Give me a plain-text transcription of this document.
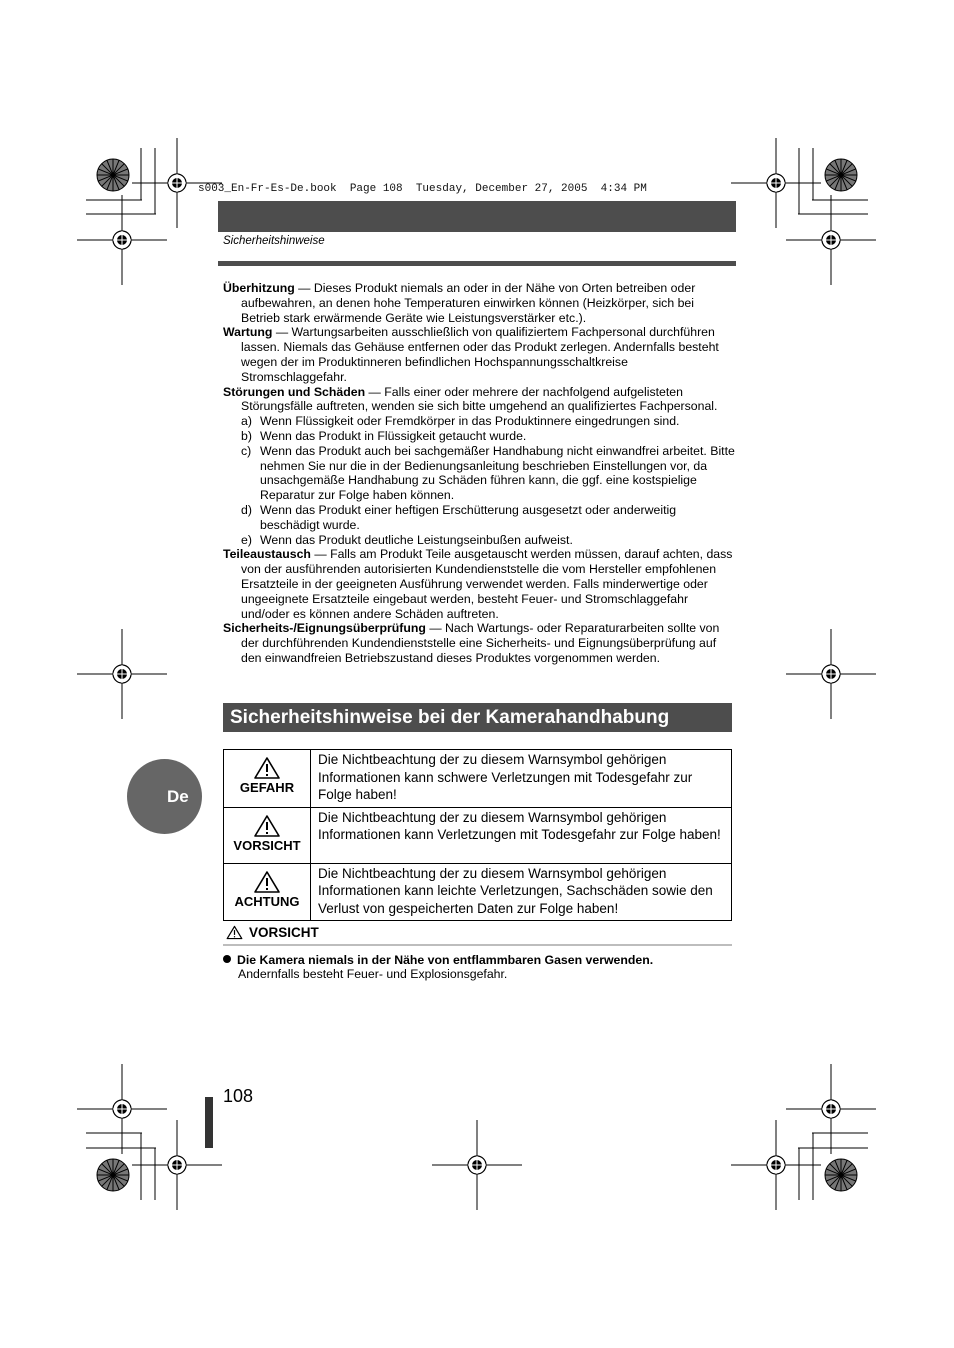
s003_En-Fr-Es-De.book  Page 108  Tuesday, December 27, 2005  4:34 PM
Sicherheitshinweise

Überhitzung — Dieses Produkt niemals an oder in der Nähe von Orten betreiben oder aufbewahren, an denen hohe Temperaturen einwirken können (Heizkörper, sich bei Betrieb stark erwärmende Geräte wie Leistungsverstärker etc.).

Wartung — Wartungsarbeiten ausschließlich von qualifiziertem Fachpersonal durchführen lassen. Niemals das Gehäuse entfernen oder das Produkt zerlegen. Andernfalls besteht wegen der im Produktinneren befindlichen Hochspannungsschaltkreise Stromschlaggefahr.

Störungen und Schäden — Falls einer oder mehrere der nachfolgend aufgelisteten Störungsfälle auftreten, wenden sie sich bitte umgehend an qualifiziertes Fachpersonal.

a) Wenn Flüssigkeit oder Fremdkörper in das Produktinnere eingedrungen sind.

b) Wenn das Produkt in Flüssigkeit getaucht wurde.

c) Wenn das Produkt auch bei sachgemäßer Handhabung nicht einwandfrei arbeitet. Bitte nehmen Sie nur die in der Bedienungsanleitung beschrieben Einstellungen vor, da unsachgemäße Handhabung zu Schäden führen kann, die ggf. eine kostspielige Reparatur zur Folge haben können.

d) Wenn das Produkt einer heftigen Erschütterung ausgesetzt oder anderweitig beschädigt wurde.

e) Wenn das Produkt deutliche Leistungseinbußen aufweist.

Teileaustausch — Falls am Produkt Teile ausgetauscht werden müssen, darauf achten, dass von der ausführenden autorisierten Kundendienststelle die vom Hersteller empfohlenen Ersatzteile in der geeigneten Ausführung verwendet werden. Falls minderwertige oder ungeeignete Ersatzteile eingebaut werden, besteht Feuer- und Stromschlaggefahr und/oder es können andere Schäden auftreten.

Sicherheits-/Eignungsüberprüfung — Nach Wartungs- oder Reparaturarbeiten sollte von der durchführenden Kundendienststelle eine Sicherheits- und Eignungsüberprüfung auf den einwandfreien Betriebszustand dieses Produktes vorgenommen werden.

Sicherheitshinweise bei der Kamerahandhabung
GEFAHR	Die Nichtbeachtung der zu diesem Warnsymbol gehörigen Informationen kann schwere Verletzungen mit Todesgefahr zur Folge haben!

VORSICHT	Die Nichtbeachtung der zu diesem Warnsymbol gehörigen Informationen kann Verletzungen mit Todesgefahr zur Folge haben!

ACHTUNG	Die Nichtbeachtung der zu diesem Warnsymbol gehörigen Informationen kann leichte Verletzungen, Sachschäden sowie den Verlust von gespeicherten Daten zur Folge haben!
VORSICHT
Die Kamera niemals in der Nähe von entflammbaren Gasen verwenden.
Andernfalls besteht Feuer- und Explosionsgefahr.
De
108
